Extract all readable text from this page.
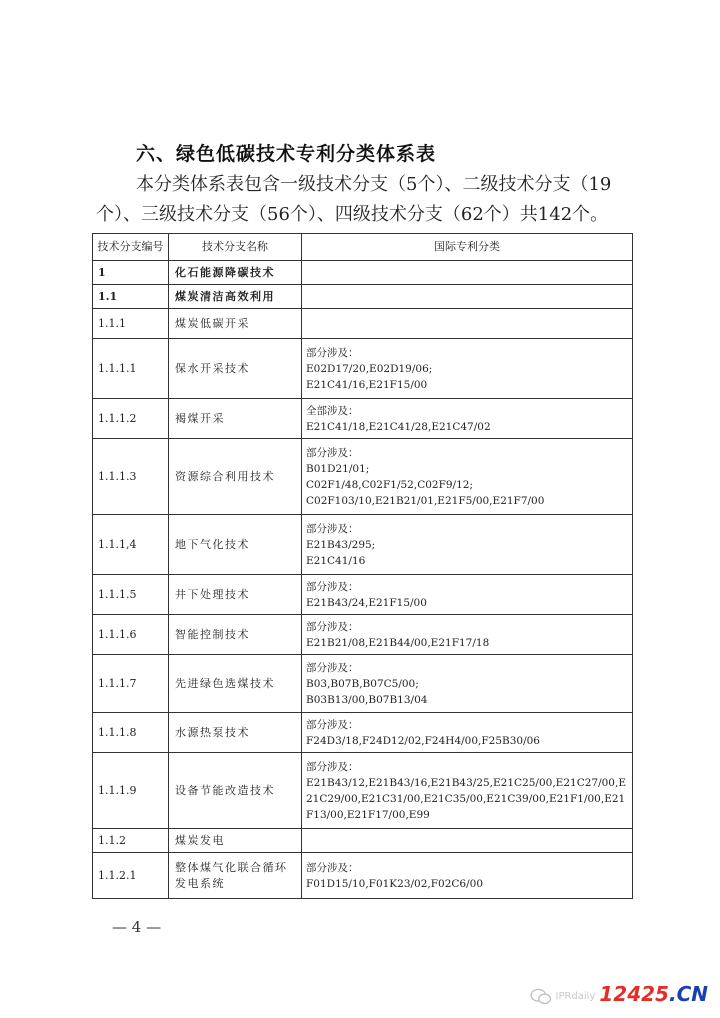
六、绿色低碳技术专利分类体系表
本分类体系表包含一级技术分支（5个）、二级技术分支（19个）、三级技术分支（56个）、四级技术分支（62个）共142个。
技术分支编号	技术分支名称	国际专利分类
1	化石能源降碳技术	
1.1	煤炭清洁高效利用	
1.1.1	煤炭低碳开采	
1.1.1.1	保水开采技术	部分涉及：
E02D17/20,E02D19/06;
E21C41/16,E21F15/00
1.1.1.2	褐煤开采	全部涉及：
E21C41/18,E21C41/28,E21C47/02
1.1.1.3	资源综合利用技术	部分涉及：
B01D21/01;
C02F1/48,C02F1/52,C02F9/12;
C02F103/10,E21B21/01,E21F5/00,E21F7/00
1.1.1,4	地下气化技术	部分涉及：
E21B43/295;
E21C41/16
1.1.1.5	井下处理技术	部分涉及：
E21B43/24,E21F15/00
1.1.1.6	智能控制技术	部分涉及：
E21B21/08,E21B44/00,E21F17/18
1.1.1.7	先进绿色选煤技术	部分涉及：
B03,B07B,B07C5/00;
B03B13/00,B07B13/04
1.1.1.8	水源热泵技术	部分涉及：
F24D3/18,F24D12/02,F24H4/00,F25B30/06
1.1.1.9	设备节能改造技术	部分涉及：
E21B43/12,E21B43/16,E21B43/25,E21C25/00,E21C27/00,E21C29/00,E21C31/00,E21C35/00,E21C39/00,E21F1/00,E21F13/00,E21F17/00,E99
1.1.2	煤炭发电	
1.1.2.1	整体煤气化联合循环发电系统	部分涉及：
F01D15/10,F01K23/02,F02C6/00
— 4 —
IPRdaily 12425.CN
